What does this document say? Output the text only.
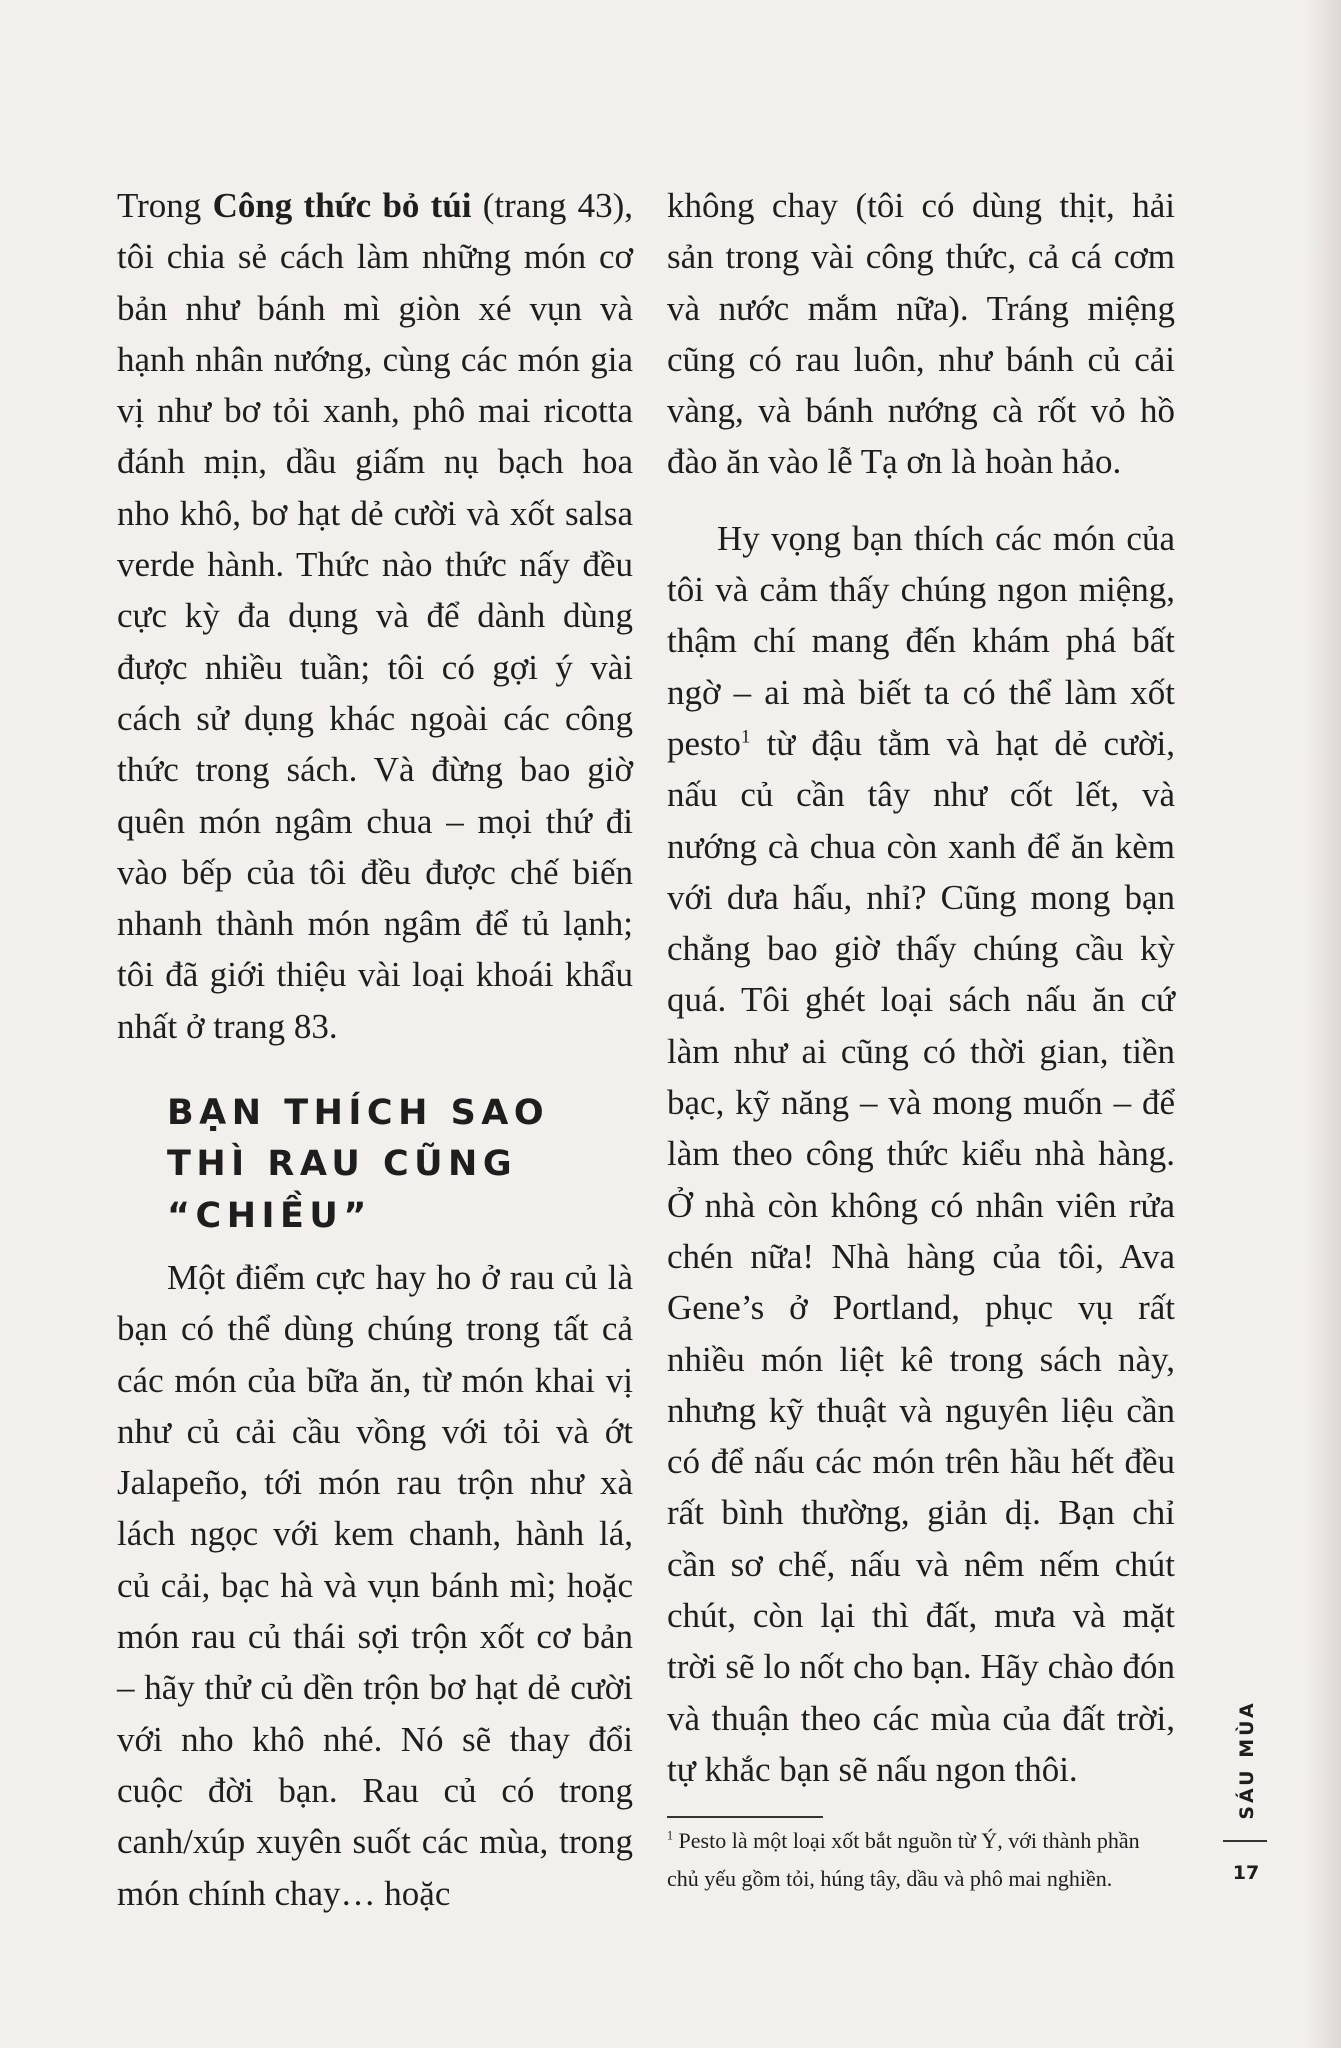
Trong Công thức bỏ túi (trang 43), tôi chia sẻ cách làm những món cơ bản như bánh mì giòn xé vụn và hạnh nhân nướng, cùng các món gia vị như bơ tỏi xanh, phô mai ricotta đánh mịn, dầu giấm nụ bạch hoa nho khô, bơ hạt dẻ cười và xốt salsa verde hành. Thức nào thức nấy đều cực kỳ đa dụng và để dành dùng được nhiều tuần; tôi có gợi ý vài cách sử dụng khác ngoài các công thức trong sách. Và đừng bao giờ quên món ngâm chua – mọi thứ đi vào bếp của tôi đều được chế biến nhanh thành món ngâm để tủ lạnh; tôi đã giới thiệu vài loại khoái khẩu nhất ở trang 83.

BẠN THÍCH SAO THÌ RAU CŨNG “CHIỀU”

Một điểm cực hay ho ở rau củ là bạn có thể dùng chúng trong tất cả các món của bữa ăn, từ món khai vị như củ cải cầu vồng với tỏi và ớt Jalapeño, tới món rau trộn như xà lách ngọc với kem chanh, hành lá, củ cải, bạc hà và vụn bánh mì; hoặc món rau củ thái sợi trộn xốt cơ bản – hãy thử củ dền trộn bơ hạt dẻ cười với nho khô nhé. Nó sẽ thay đổi cuộc đời bạn. Rau củ có trong canh/xúp xuyên suốt các mùa, trong món chính chay… hoặc

không chay (tôi có dùng thịt, hải sản trong vài công thức, cả cá cơm và nước mắm nữa). Tráng miệng cũng có rau luôn, như bánh củ cải vàng, và bánh nướng cà rốt vỏ hồ đào ăn vào lễ Tạ ơn là hoàn hảo.

Hy vọng bạn thích các món của tôi và cảm thấy chúng ngon miệng, thậm chí mang đến khám phá bất ngờ – ai mà biết ta có thể làm xốt pesto$^1$ từ đậu tằm và hạt dẻ cười, nấu củ cần tây như cốt lết, và nướng cà chua còn xanh để ăn kèm với dưa hấu, nhỉ? Cũng mong bạn chẳng bao giờ thấy chúng cầu kỳ quá. Tôi ghét loại sách nấu ăn cứ làm như ai cũng có thời gian, tiền bạc, kỹ năng – và mong muốn – để làm theo công thức kiểu nhà hàng. Ở nhà còn không có nhân viên rửa chén nữa! Nhà hàng của tôi, Ava Gene’s ở Portland, phục vụ rất nhiều món liệt kê trong sách này, nhưng kỹ thuật và nguyên liệu cần có để nấu các món trên hầu hết đều rất bình thường, giản dị. Bạn chỉ cần sơ chế, nấu và nêm nếm chút chút, còn lại thì đất, mưa và mặt trời sẽ lo nốt cho bạn. Hãy chào đón và thuận theo các mùa của đất trời, tự khắc bạn sẽ nấu ngon thôi.

$^1$ Pesto là một loại xốt bắt nguồn từ Ý, với thành phần chủ yếu gồm tỏi, húng tây, dầu và phô mai nghiền.

SÁU MÙA
17
